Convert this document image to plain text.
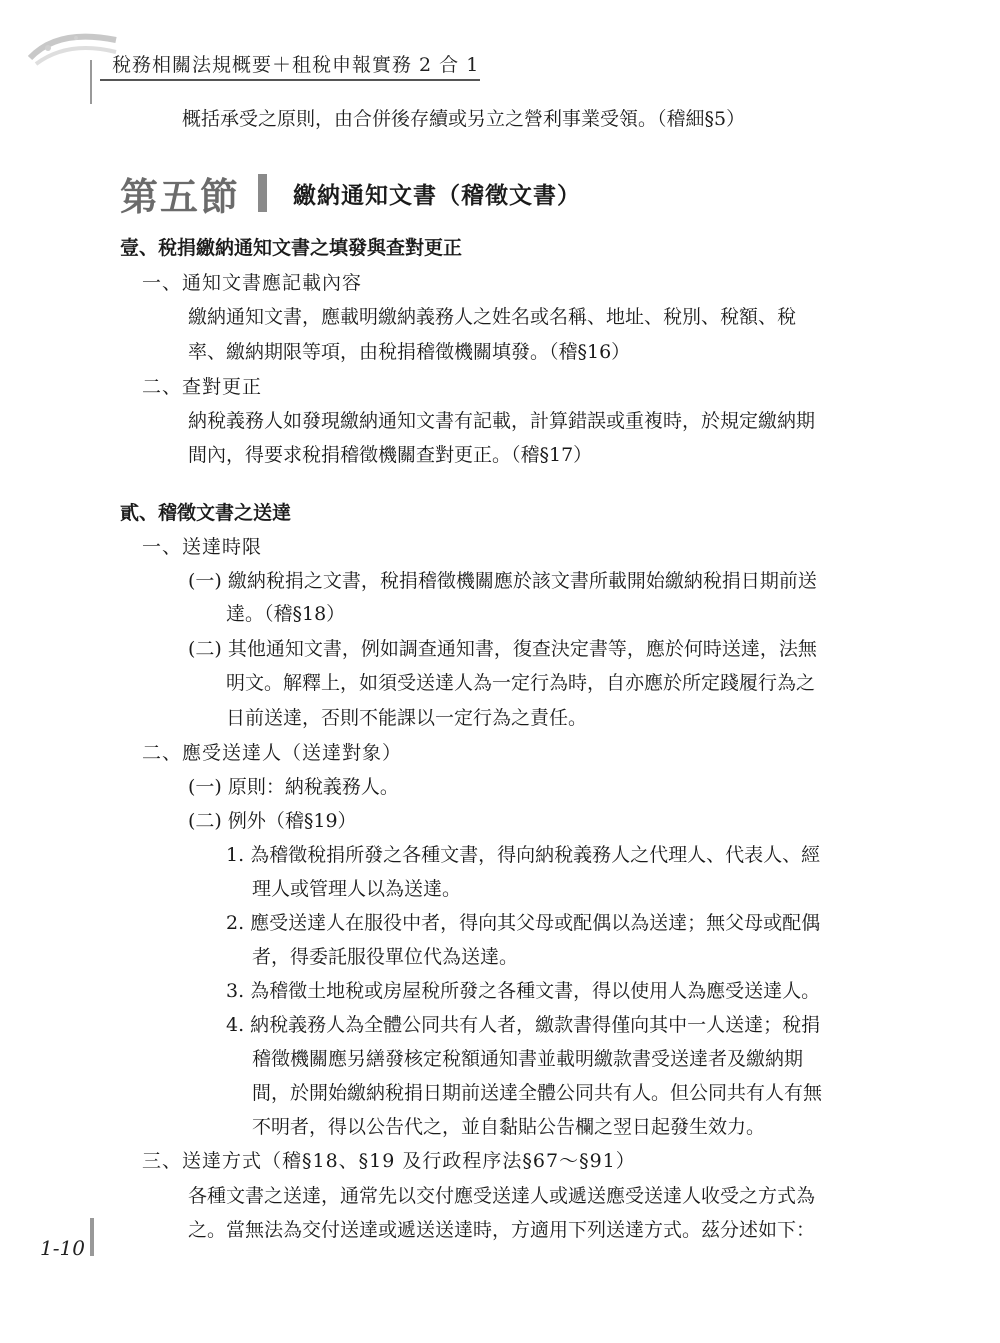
稅務相關法規概要＋租稅申報實務 2 合 1
概括承受之原則，由合併後存續或另立之營利事業受領。（稽細§5）
第五節 繳納通知文書（稽徵文書）
壹、稅捐繳納通知文書之填發與查對更正
一、通知文書應記載內容
繳納通知文書，應載明繳納義務人之姓名或名稱、地址、稅別、稅額、稅
率、繳納期限等項，由稅捐稽徵機關填發。（稽§16）
二、查對更正
納稅義務人如發現繳納通知文書有記載，計算錯誤或重複時，於規定繳納期
間內，得要求稅捐稽徵機關查對更正。（稽§17）
貳、稽徵文書之送達
一、送達時限
(一) 繳納稅捐之文書，稅捐稽徵機關應於該文書所載開始繳納稅捐日期前送
達。（稽§18）
(二) 其他通知文書，例如調查通知書，復查決定書等，應於何時送達，法無
明文。解釋上，如須受送達人為一定行為時，自亦應於所定踐履行為之
日前送達，否則不能課以一定行為之責任。
二、應受送達人（送達對象）
(一) 原則：納稅義務人。
(二) 例外（稽§19）
1. 為稽徵稅捐所發之各種文書，得向納稅義務人之代理人、代表人、經
理人或管理人以為送達。
2. 應受送達人在服役中者，得向其父母或配偶以為送達；無父母或配偶
者，得委託服役單位代為送達。
3. 為稽徵土地稅或房屋稅所發之各種文書，得以使用人為應受送達人。
4. 納稅義務人為全體公同共有人者，繳款書得僅向其中一人送達；稅捐
稽徵機關應另繕發核定稅額通知書並載明繳款書受送達者及繳納期
間，於開始繳納稅捐日期前送達全體公同共有人。但公同共有人有無
不明者，得以公告代之，並自黏貼公告欄之翌日起發生效力。
三、送達方式（稽§18、§19 及行政程序法§67～§91）
各種文書之送達，通常先以交付應受送達人或遞送應受送達人收受之方式為
之。當無法為交付送達或遞送送達時，方適用下列送達方式。茲分述如下：
1-10
